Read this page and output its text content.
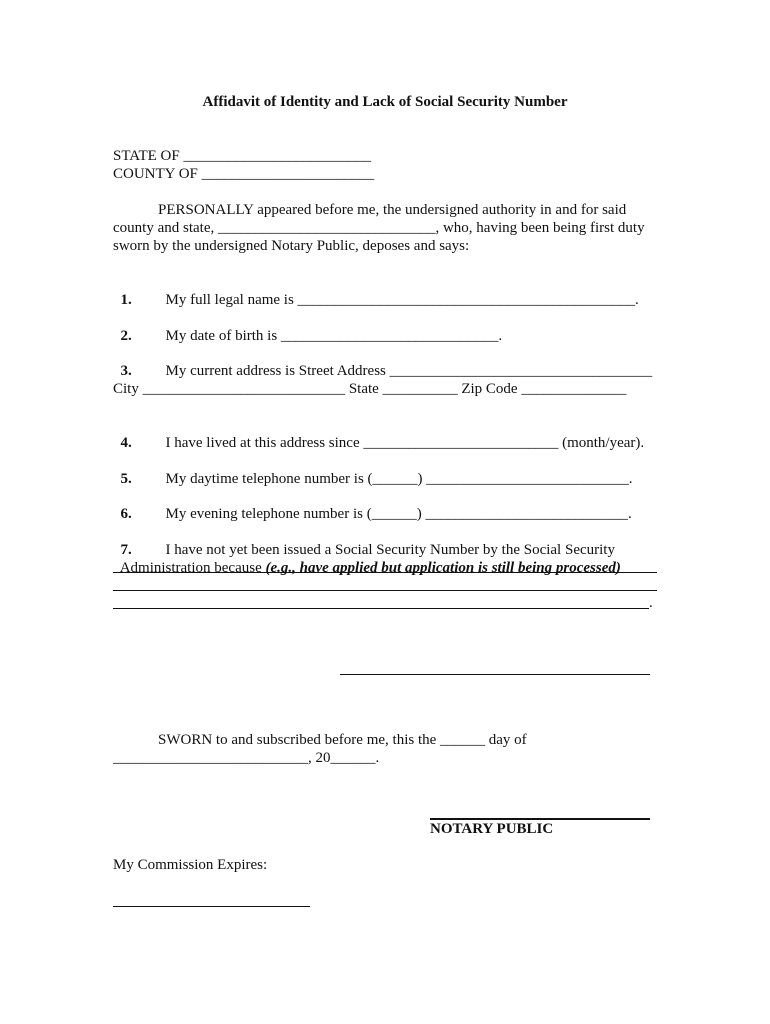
Affidavit of Identity and Lack of Social Security Number
STATE OF _________________________
COUNTY OF _______________________
PERSONALLY appeared before me, the undersigned authority in and for said
county and state, _____________________________, who, having been being first duty
sworn by the undersigned Notary Public, deposes and says:

1. My full legal name is _____________________________________________.

2. My date of birth is _____________________________.

3. My current address is Street Address ___________________________________

City ___________________________ State __________ Zip Code ______________

4. I have lived at this address since __________________________ (month/year).

5. My daytime telephone number is (______) ___________________________.

6. My evening telephone number is (______) ___________________________.

7. I have not yet been issued a Social Security Number by the Social Security

Administration because (e.g., have applied but application is still being processed)

.
SWORN to and subscribed before me, this the ______ day of
__________________________, 20______.
NOTARY PUBLIC
My Commission Expires:
